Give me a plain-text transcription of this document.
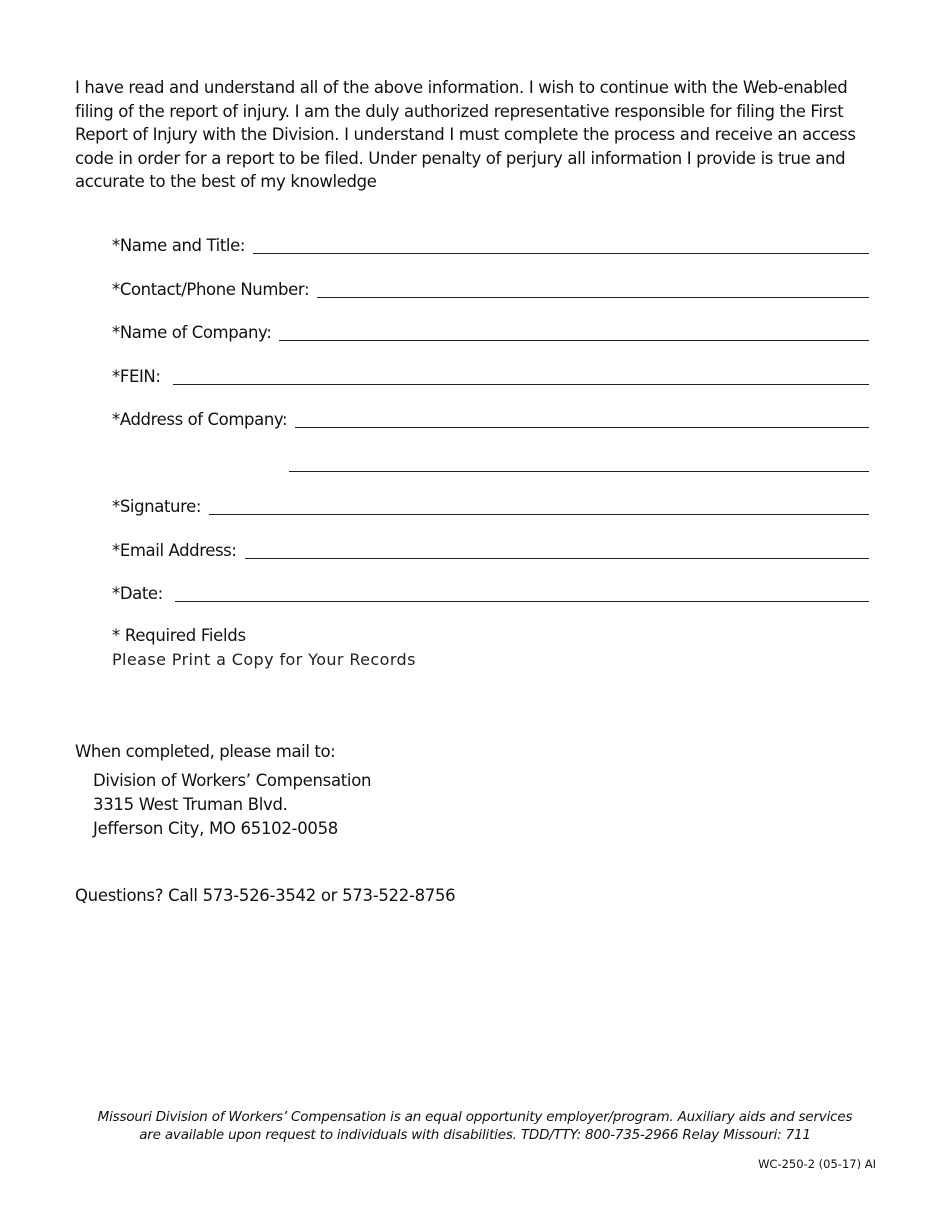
I have read and understand all of the above information. I wish to continue with the Web-enabled filing of the report of injury. I am the duly authorized representative responsible for filing the First Report of Injury with the Division. I understand I must complete the process and receive an access code in order for a report to be filed. Under penalty of perjury all information I provide is true and accurate to the best of my knowledge
*Name and Title:
*Contact/Phone Number:
*Name of Company:
*FEIN:
*Address of Company:
*Signature:
*Email Address:
*Date:
* Required Fields
Please Print a Copy for Your Records
When completed, please mail to:
Division of Workers’ Compensation
3315 West Truman Blvd.
Jefferson City, MO 65102-0058
Questions? Call 573-526-3542 or 573-522-8756
Missouri Division of Workers’ Compensation is an equal opportunity employer/program. Auxiliary aids and services
are available upon request to individuals with disabilities. TDD/TTY: 800-735-2966 Relay Missouri: 711
WC-250-2 (05-17) AI
